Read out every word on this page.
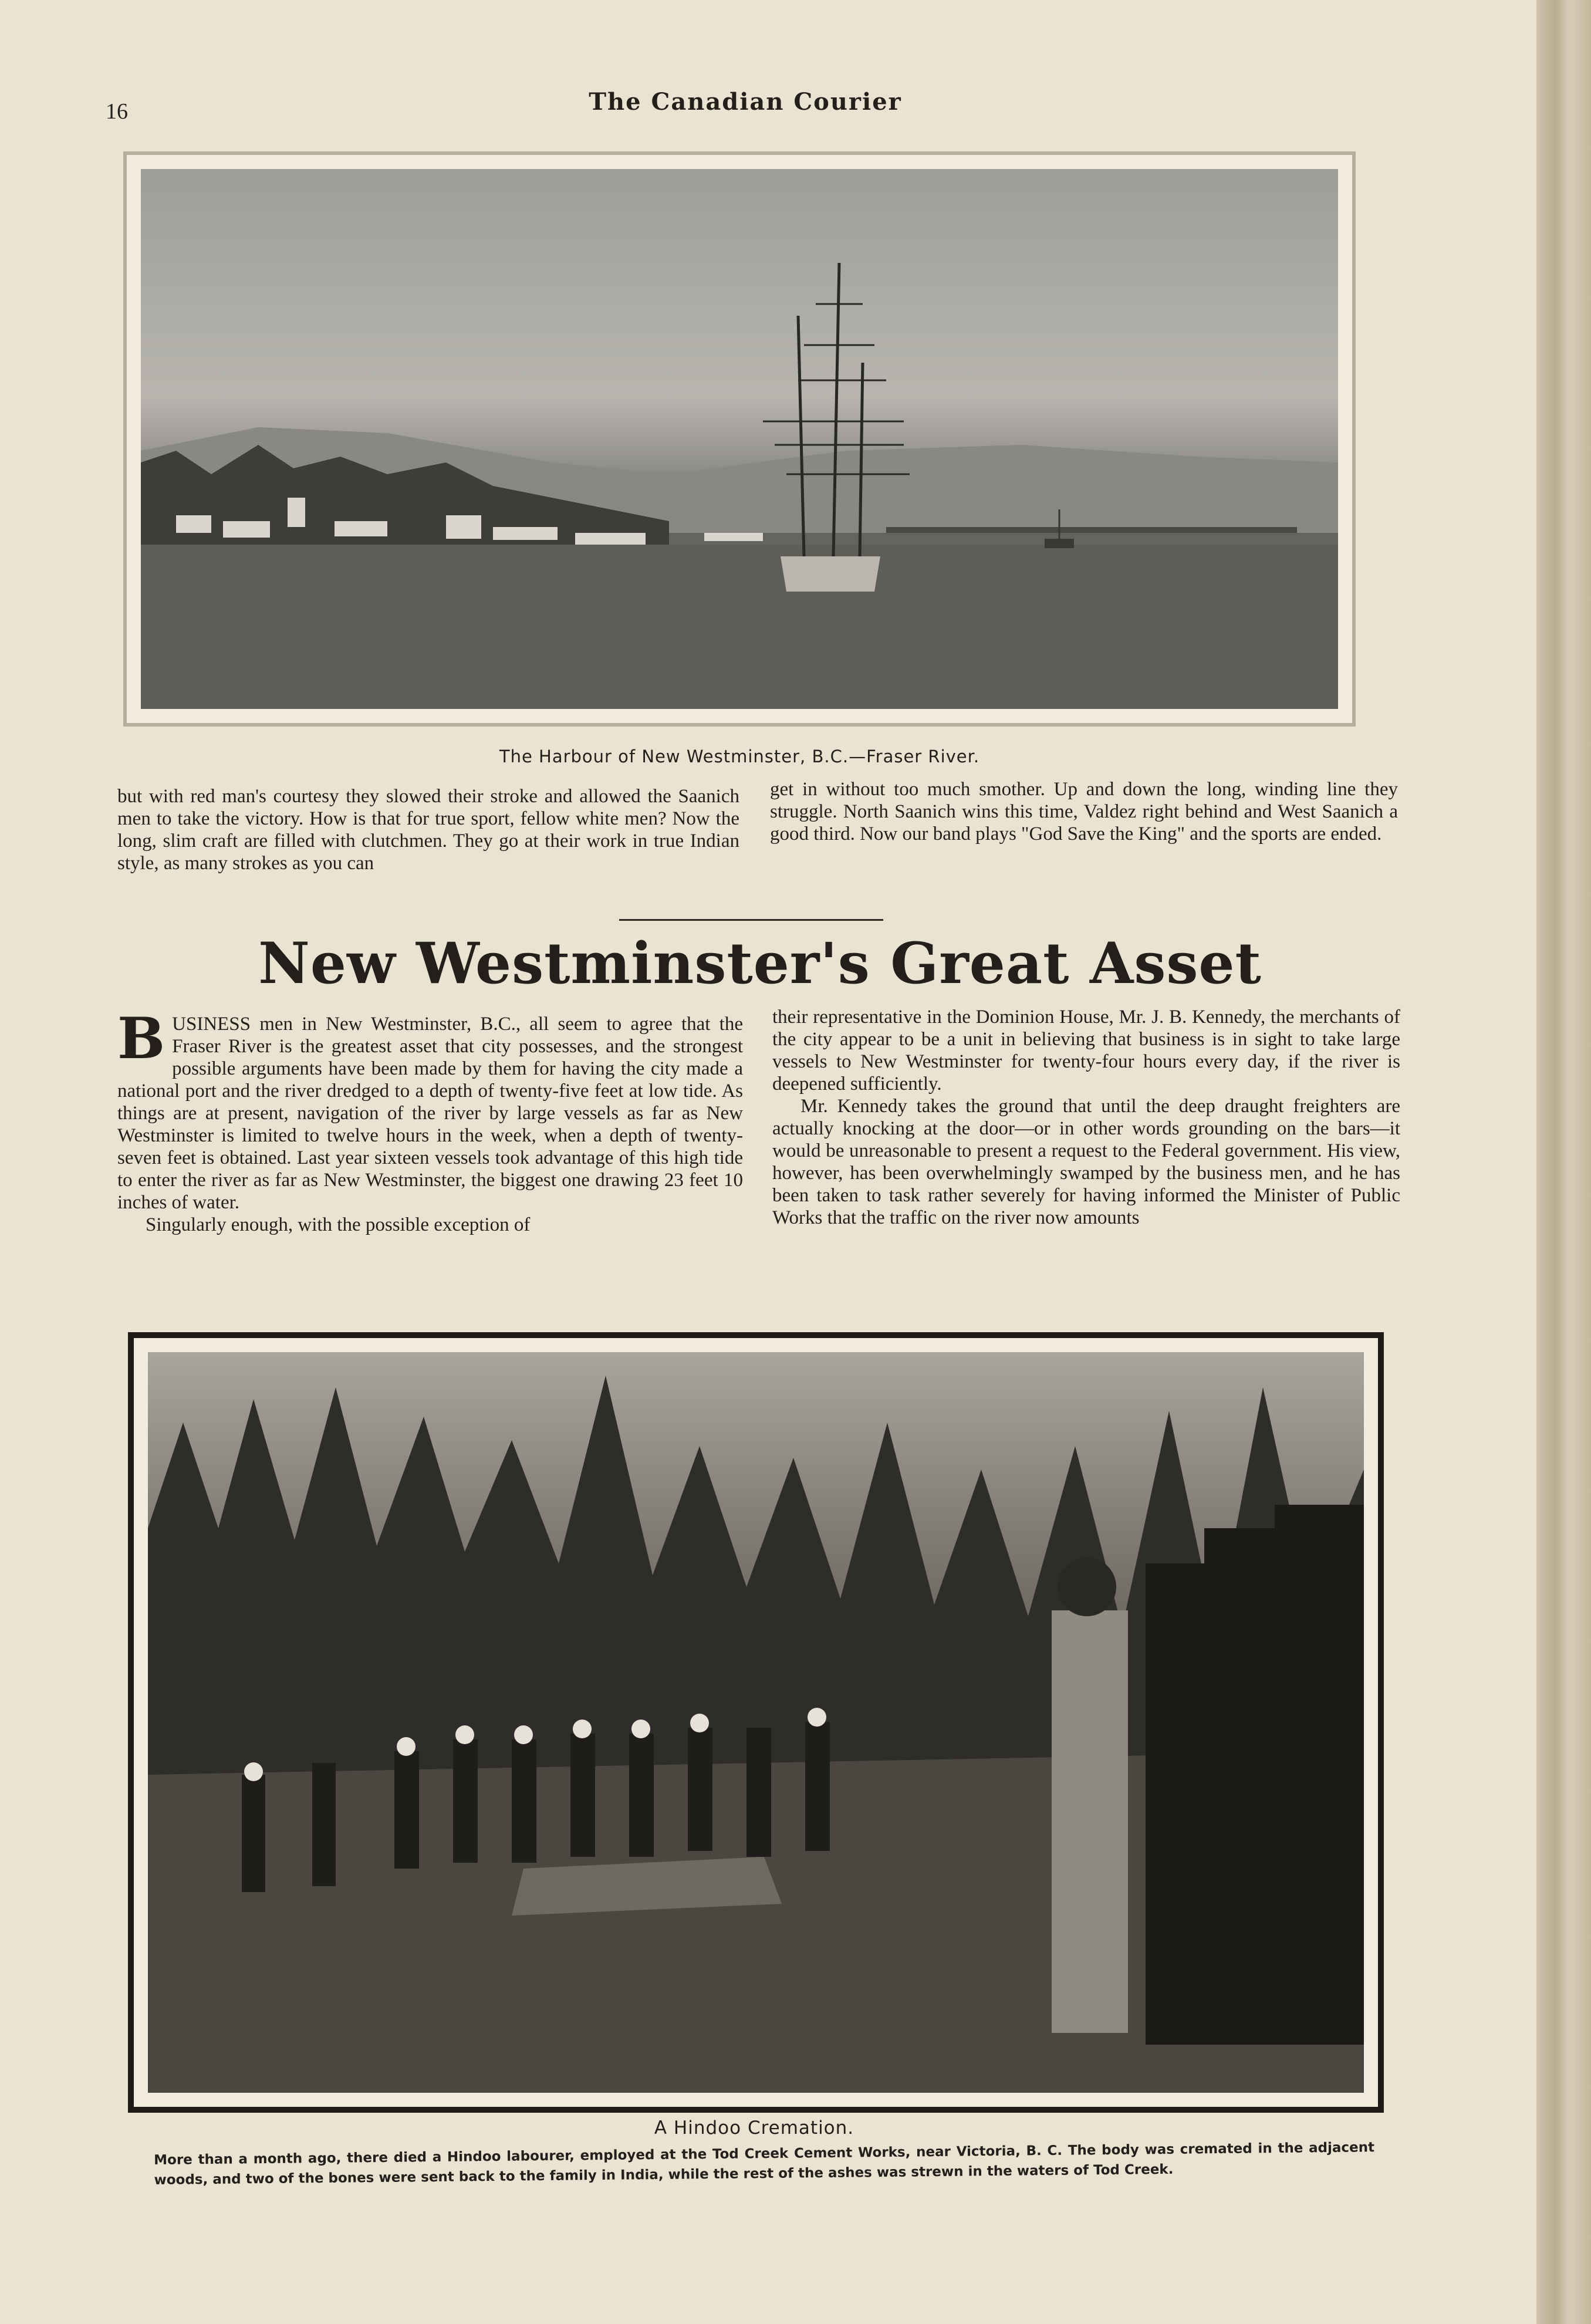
16	The Canadian Courier
The Harbour of New Westminster, B.C.—Fraser River.

but with red man's courtesy they slowed their stroke and allowed the Saanich men to take the victory. How is that for true sport, fellow white men? Now the long, slim craft are filled with clutchmen. They go at their work in true Indian style, as many strokes as you can

get in without too much smother. Up and down the long, winding line they struggle. North Saanich wins this time, Valdez right behind and West Saanich a good third. Now our band plays "God Save the King" and the sports are ended.

New Westminster's Great Asset

BUSINESS men in New Westminster, B.C., all seem to agree that the Fraser River is the greatest asset that city possesses, and the strongest possible arguments have been made by them for having the city made a national port and the river dredged to a depth of twenty-five feet at low tide. As things are at present, navigation of the river by large vessels as far as New Westminster is limited to twelve hours in the week, when a depth of twenty-seven feet is obtained. Last year sixteen vessels took advantage of this high tide to enter the river as far as New Westminster, the biggest one drawing 23 feet 10 inches of water.

Singularly enough, with the possible exception of

their representative in the Dominion House, Mr. J. B. Kennedy, the merchants of the city appear to be a unit in believing that business is in sight to take large vessels to New Westminster for twenty-four hours every day, if the river is deepened sufficiently.

Mr. Kennedy takes the ground that until the deep draught freighters are actually knocking at the door—or in other words grounding on the bars—it would be unreasonable to present a request to the Federal government. His view, however, has been overwhelmingly swamped by the business men, and he has been taken to task rather severely for having informed the Minister of Public Works that the traffic on the river now amounts

A Hindoo Cremation.
More than a month ago, there died a Hindoo labourer, employed at the Tod Creek Cement Works, near Victoria, B. C. The body was cremated in the adjacent woods, and two of the bones were sent back to the family in India, while the rest of the ashes was strewn in the waters of Tod Creek.
